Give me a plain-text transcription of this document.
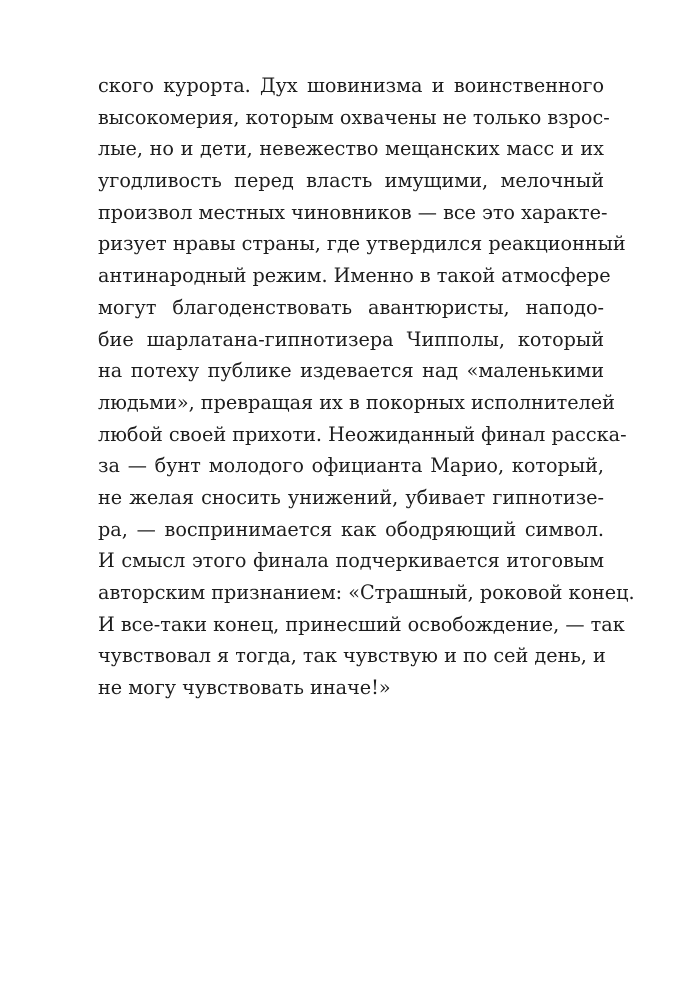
ского курорта. Дух шовинизма и воинственного
высокомерия, которым охвачены не только взрос-
лые, но и дети, невежество мещанских масс и их
угодливость перед власть имущими, мелочный
произвол местных чиновников — все это характе-
ризует нравы страны, где утвердился реакционный
антинародный режим. Именно в такой атмосфере
могут благоденствовать авантюристы, наподо-
бие шарлатана-гипнотизера Чипполы, который
на потеху публике издевается над «маленькими
людьми», превращая их в покорных исполнителей
любой своей прихоти. Неожиданный финал расска-
за — бунт молодого официанта Марио, который,
не желая сносить унижений, убивает гипнотизе-
ра, — воспринимается как ободряющий символ.
И смысл этого финала подчеркивается итоговым
авторским признанием: «Страшный, роковой конец.
И все-таки конец, принесший освобождение, — так
чувствовал я тогда, так чувствую и по сей день, и
не могу чувствовать иначе!»
